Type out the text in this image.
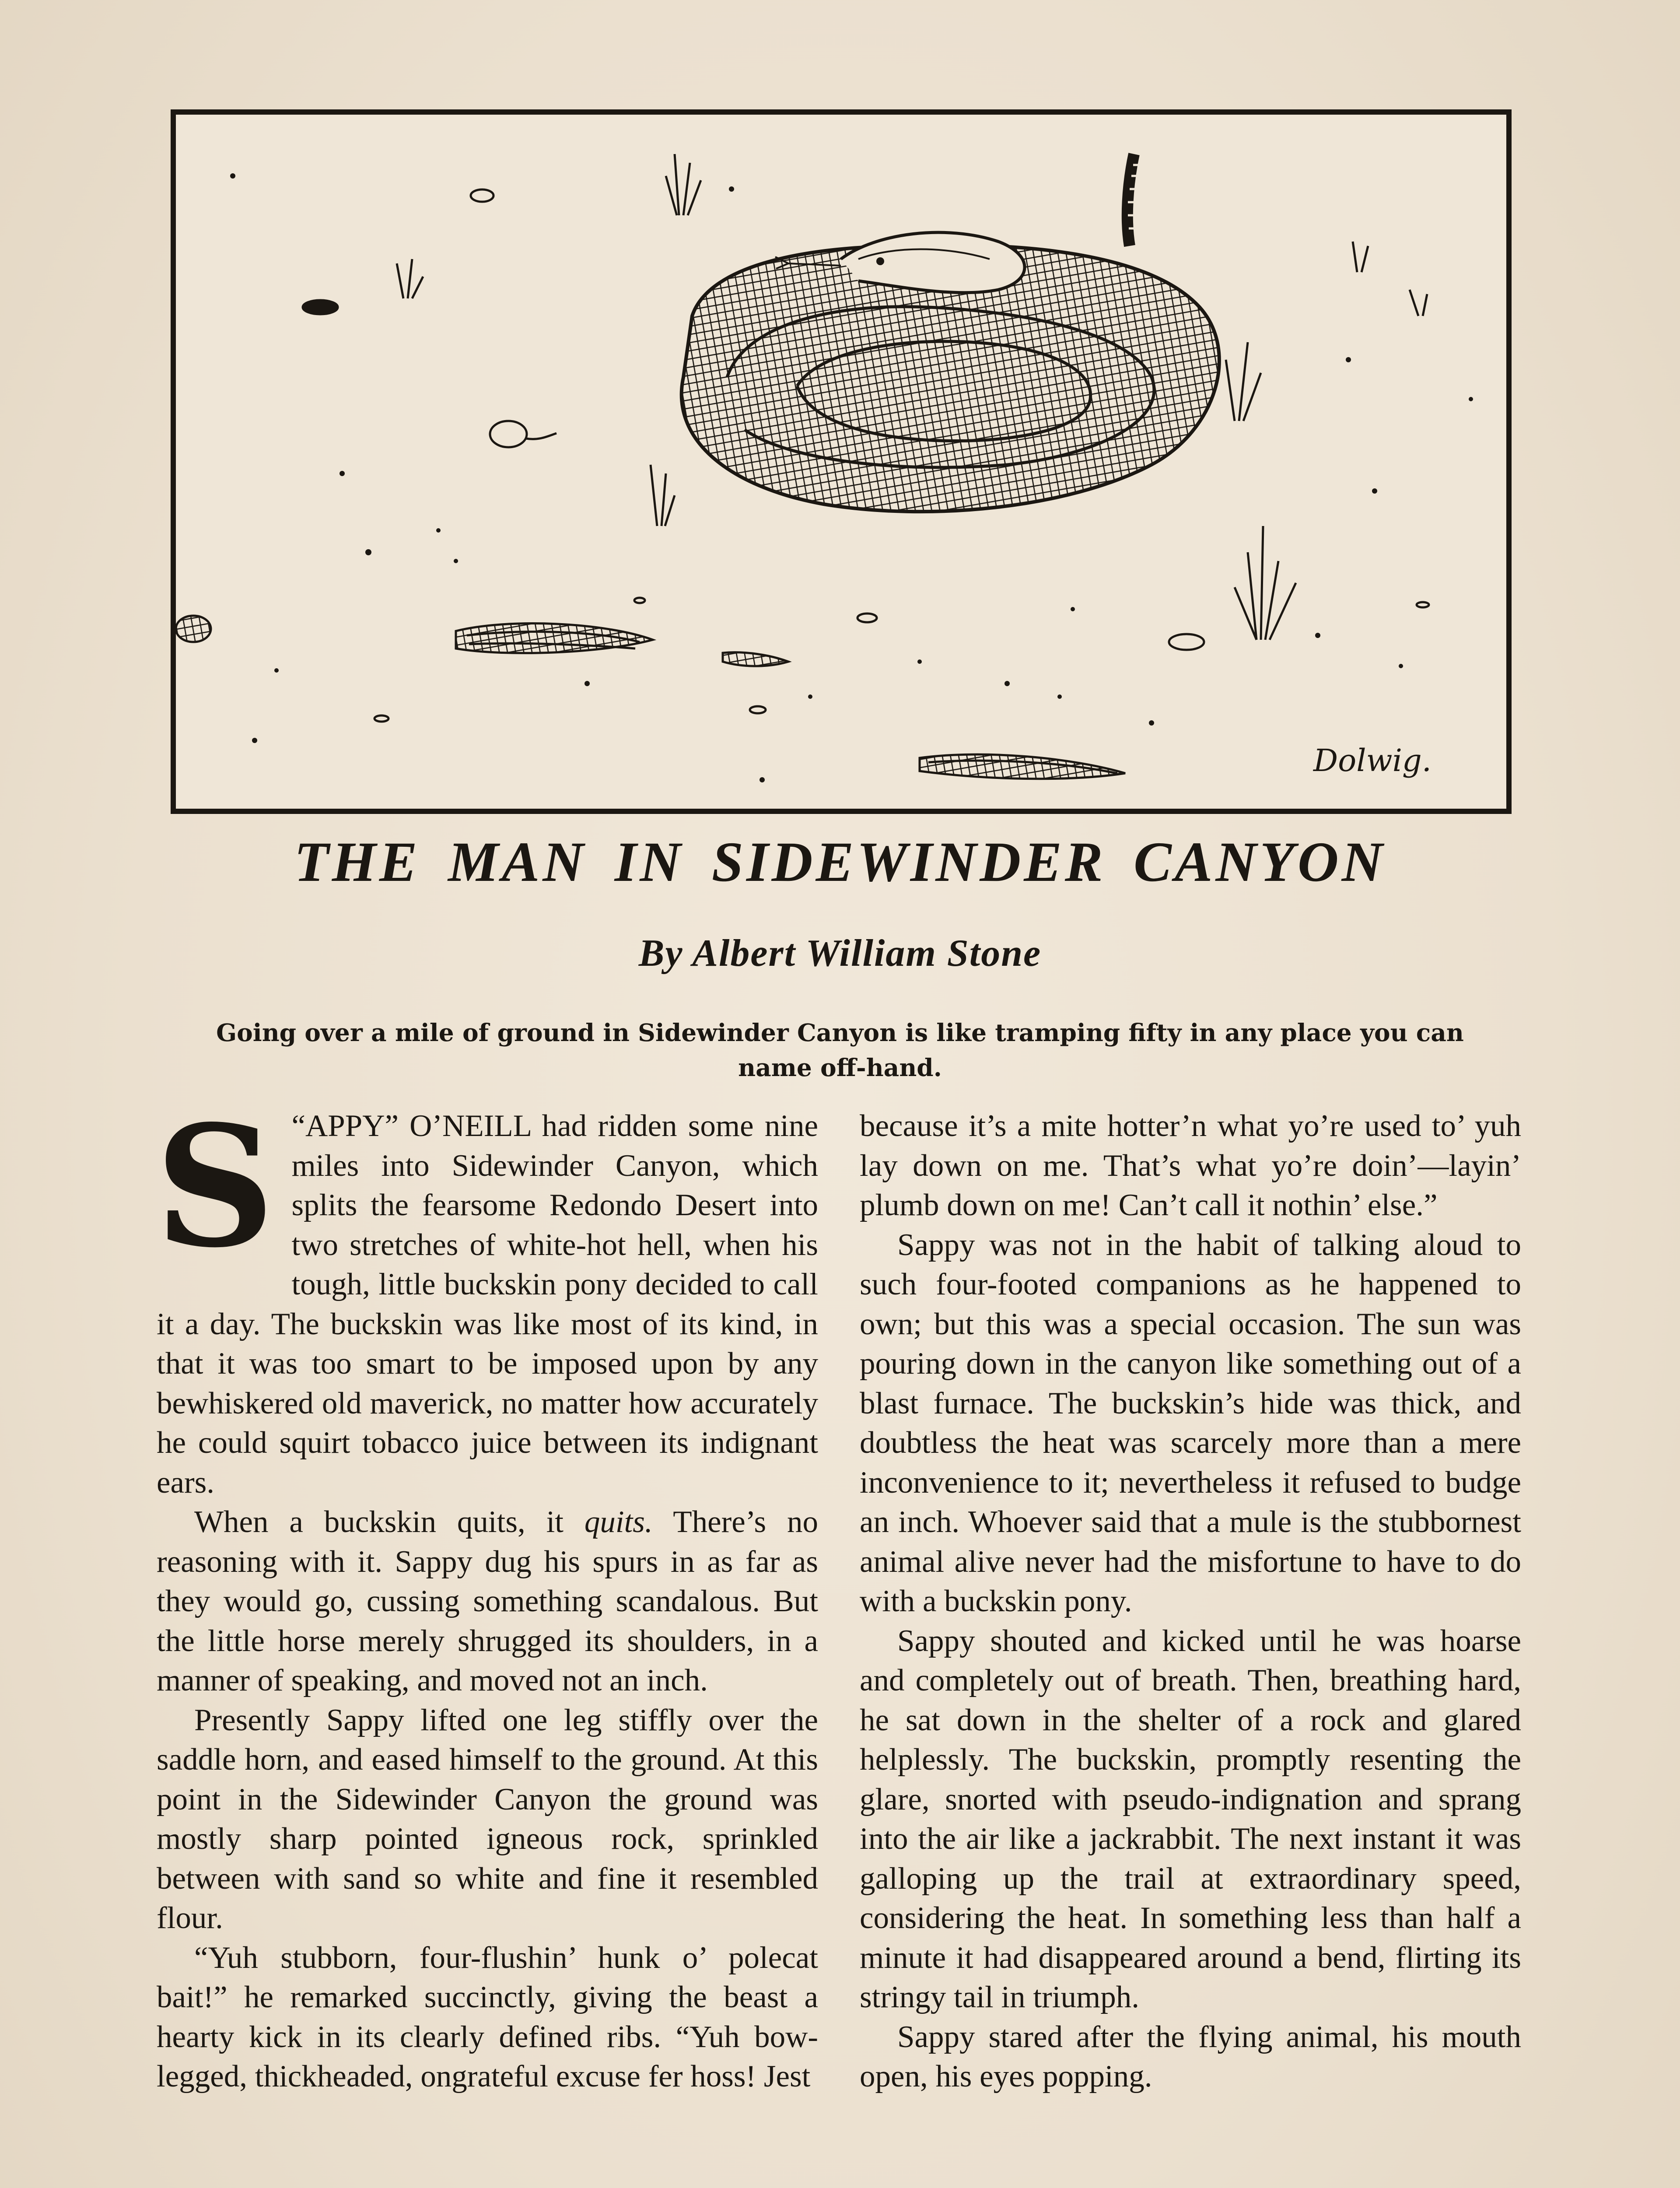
Dolwig.
THE MAN IN SIDEWINDER CANYON
By Albert William Stone

Going over a mile of ground in Sidewinder Canyon is like tramping fifty in any place you can name off-hand.

“
S APPY” O’NEILL had ridden some nine miles into Sidewinder Canyon, which splits the fearsome Redondo Desert into two stretches of white-hot hell, when his tough, little buckskin pony decided to call it a day. The buckskin was like most of its kind, in that it was too smart to be imposed upon by any bewhiskered old maverick, no matter how accurately he could squirt tobacco juice between its indignant ears.

When a buckskin quits, it quits. There’s no reasoning with it. Sappy dug his spurs in as far as they would go, cussing something scandalous. But the little horse merely shrugged its shoulders, in a manner of speaking, and moved not an inch.

Presently Sappy lifted one leg stiffly over the saddle horn, and eased himself to the ground. At this point in the Sidewinder Canyon the ground was mostly sharp pointed igneous rock, sprinkled between with sand so white and fine it resembled flour.

“Yuh stubborn, four-flushin’ hunk o’ polecat bait!” he remarked succinctly, giving the beast a hearty kick in its clearly defined ribs. “Yuh bow-legged, thickheaded, ongrateful excuse fer hoss! Jest

because it’s a mite hotter’n what yo’re used to’ yuh lay down on me. That’s what yo’re doin’—layin’ plumb down on me! Can’t call it nothin’ else.”

Sappy was not in the habit of talking aloud to such four-footed companions as he happened to own; but this was a special occasion. The sun was pouring down in the canyon like something out of a blast furnace. The buckskin’s hide was thick, and doubtless the heat was scarcely more than a mere inconvenience to it; nevertheless it refused to budge an inch. Whoever said that a mule is the stubbornest animal alive never had the misfortune to have to do with a buckskin pony.

Sappy shouted and kicked until he was hoarse and completely out of breath. Then, breathing hard, he sat down in the shelter of a rock and glared helplessly. The buckskin, promptly resenting the glare, snorted with pseudo-indignation and sprang into the air like a jackrabbit. The next instant it was galloping up the trail at extraordinary speed, considering the heat. In something less than half a minute it had disappeared around a bend, flirting its stringy tail in triumph.

Sappy stared after the flying animal, his mouth open, his eyes popping.
